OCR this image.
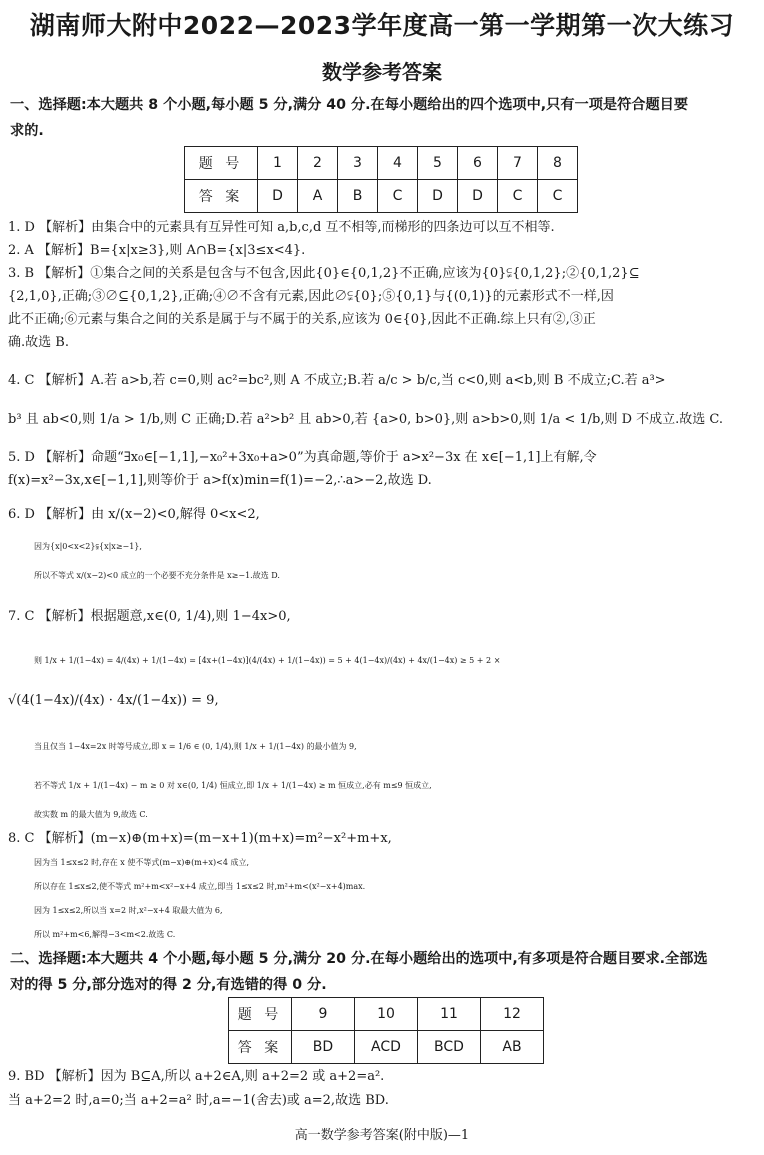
湖南师大附中2022—2023学年度高一第一学期第一次大练习
数学参考答案
一、选择题:本大题共 8 个小题,每小题 5 分,满分 40 分.在每小题给出的四个选项中,只有一项是符合题目要
求的.
题 号	1	2	3	4	5	6	7	8
答 案	D	A	B	C	D	D	C	C
1. D 【解析】由集合中的元素具有互异性可知 a,b,c,d 互不相等,而梯形的四条边可以互不相等.
2. A 【解析】B={x|x≥3},则 A∩B={x|3≤x<4}.
3. B 【解析】①集合之间的关系是包含与不包含,因此{0}∈{0,1,2}不正确,应该为{0}⫋{0,1,2};②{0,1,2}⊆
{2,1,0},正确;③∅⊆{0,1,2},正确;④∅不含有元素,因此∅⫋{0};⑤{0,1}与{(0,1)}的元素形式不一样,因
此不正确;⑥元素与集合之间的关系是属于与不属于的关系,应该为 0∈{0},因此不正确.综上只有②,③正
确.故选 B.
4. C 【解析】A.若 a>b,若 c=0,则 ac²=bc²,则 A 不成立;B.若 a/c > b/c,当 c<0,则 a<b,则 B 不成立;C.若 a³>
b³ 且 ab<0,则 1/a > 1/b,则 C 正确;D.若 a²>b² 且 ab>0,若 {a>0, b>0},则 a>b>0,则 1/a < 1/b,则 D 不成立.故选 C.
5. D 【解析】命题“∃x₀∈[−1,1],−x₀²+3x₀+a>0”为真命题,等价于 a>x²−3x 在 x∈[−1,1]上有解,令
f(x)=x²−3x,x∈[−1,1],则等价于 a>f(x)min=f(1)=−2,∴a>−2,故选 D.
6. D 【解析】由 x/(x−2)<0,解得 0<x<2,
因为{x|0<x<2}⫋{x|x≥−1},
所以不等式 x/(x−2)<0 成立的一个必要不充分条件是 x≥−1.故选 D.
7. C 【解析】根据题意,x∈(0, 1/4),则 1−4x>0,
则 1/x + 1/(1−4x) = 4/(4x) + 1/(1−4x) = [4x+(1−4x)](4/(4x) + 1/(1−4x)) = 5 + 4(1−4x)/(4x) + 4x/(1−4x) ≥ 5 + 2 ×
√(4(1−4x)/(4x) · 4x/(1−4x)) = 9,
当且仅当 1−4x=2x 时等号成立,即 x = 1/6 ∈ (0, 1/4),则 1/x + 1/(1−4x) 的最小值为 9,
若不等式 1/x + 1/(1−4x) − m ≥ 0 对 x∈(0, 1/4) 恒成立,即 1/x + 1/(1−4x) ≥ m 恒成立,必有 m≤9 恒成立,
故实数 m 的最大值为 9,故选 C.
8. C 【解析】(m−x)⊕(m+x)=(m−x+1)(m+x)=m²−x²+m+x,
因为当 1≤x≤2 时,存在 x 使不等式(m−x)⊕(m+x)<4 成立,
所以存在 1≤x≤2,使不等式 m²+m<x²−x+4 成立,即当 1≤x≤2 时,m²+m<(x²−x+4)max.
因为 1≤x≤2,所以当 x=2 时,x²−x+4 取最大值为 6,
所以 m²+m<6,解得−3<m<2.故选 C.
二、选择题:本大题共 4 个小题,每小题 5 分,满分 20 分.在每小题给出的选项中,有多项是符合题目要求.全部选
对的得 5 分,部分选对的得 2 分,有选错的得 0 分.
题 号	9	10	11	12
答 案	BD	ACD	BCD	AB
9. BD 【解析】因为 B⊆A,所以 a+2∈A,则 a+2=2 或 a+2=a².
当 a+2=2 时,a=0;当 a+2=a² 时,a=−1(舍去)或 a=2,故选 BD.
高一数学参考答案(附中版)—1
